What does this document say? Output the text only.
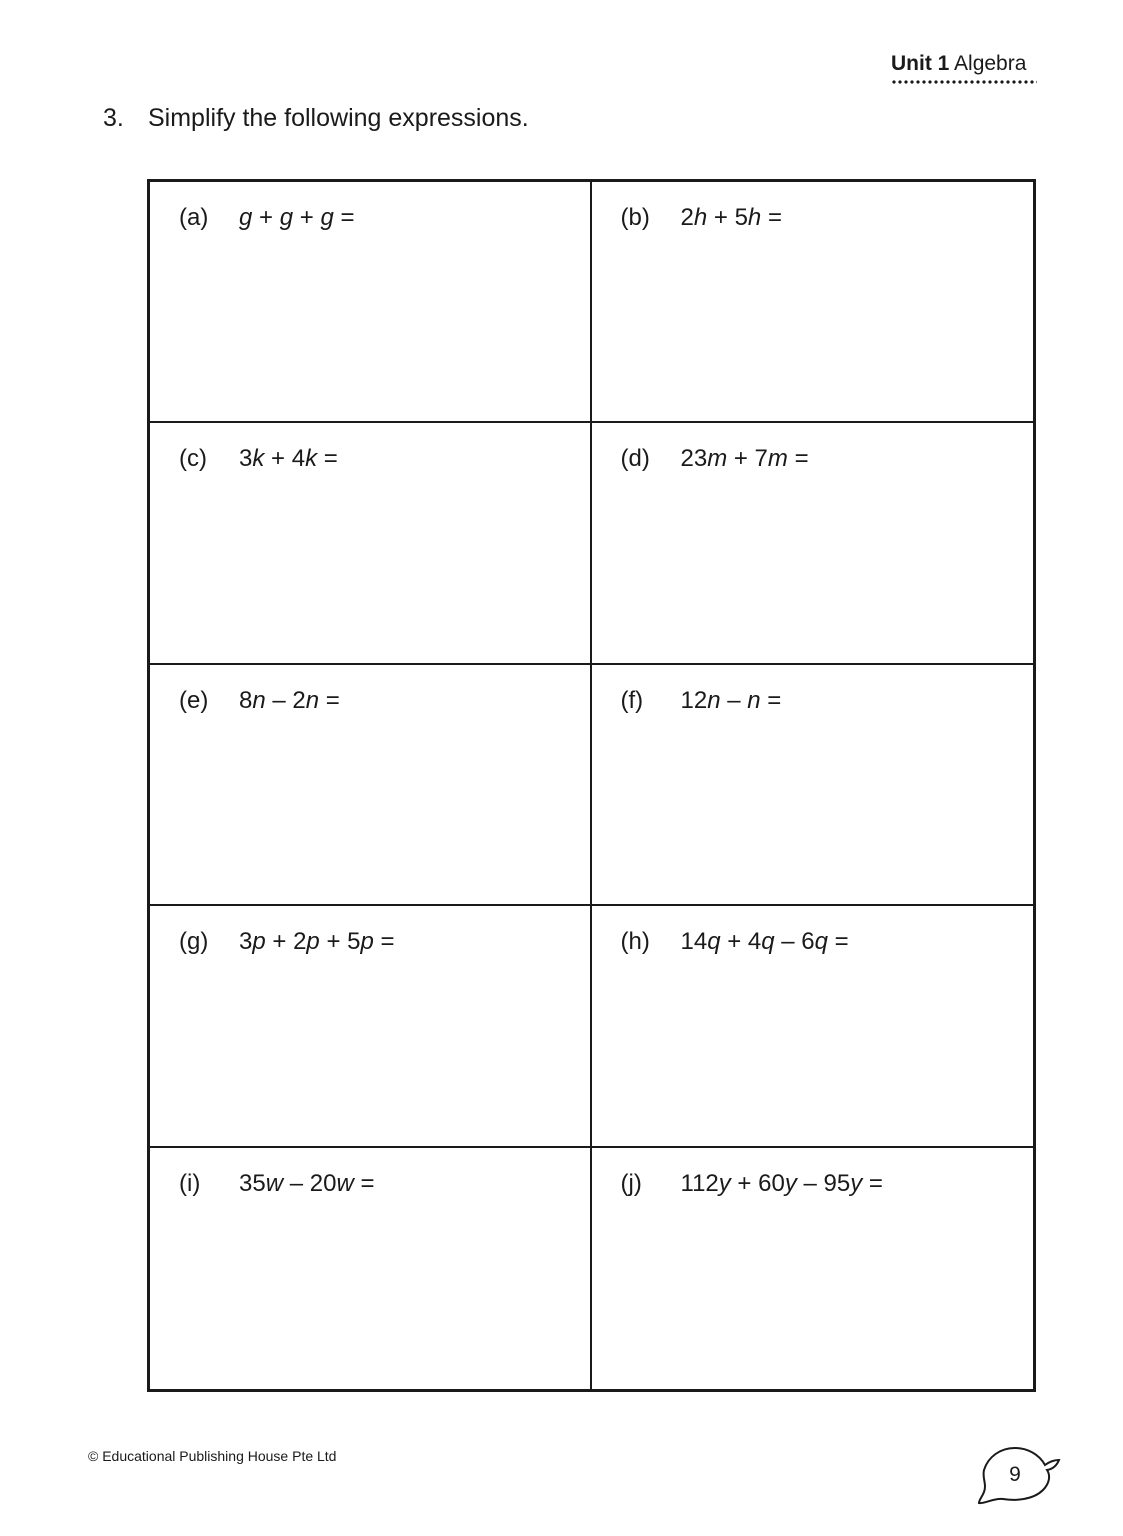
Unit 1 Algebra
3. Simplify the following expressions.
(a) g + g + g =	(b) 2h + 5h =
(c) 3k + 4k =	(d) 23m + 7m =
(e) 8n – 2n =	(f) 12n – n =
(g) 3p + 2p + 5p =	(h) 14q + 4q – 6q =
(i) 35w – 20w =	(j) 112y + 60y – 95y =
© Educational Publishing House Pte Ltd
9
